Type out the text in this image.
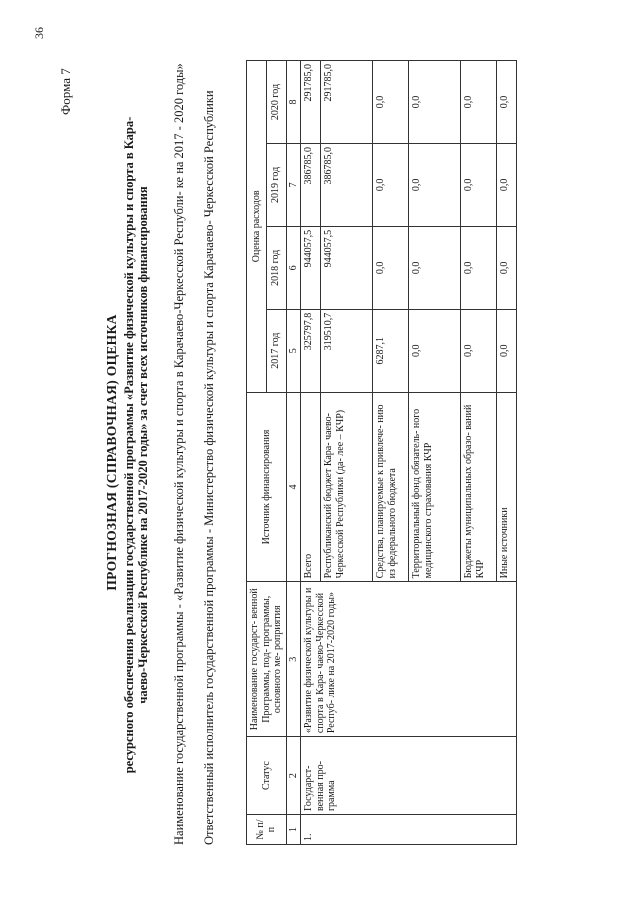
36
Форма 7
ПРОГНОЗНАЯ (СПРАВОЧНАЯ) ОЦЕНКА ресурсного обеспечения реализации государственной программы «Развитие физической культуры и спорта в Кара- чаево-Черкесской Республике на 2017-2020 годы» за счет всех источников финансирования Наименование государственной программы - «Развитие физической культуры и спорта в Карачаево-Черкесской Республи- ке на 2017 - 2020 годы» Ответственный исполнитель государственной программы - Министерство физической культуры и спорта Карачаево- Черкесской Республики	№ п/п	Статус	Наименование государст- венной Программы, под- программы, основного ме- роприятия	Источник финансирования	Оценка расходов			
				2017 год	2018 год	2019 год	2020 год
1	2	3	4	5	6	7	8
1.	Государст- венная про- грамма	«Развитие физической культуры и спорта в Кара- чаево-Черкесской Респуб- лике на 2017-2020 годы»	Всего	325797,8	944057,5	386785,0	291785,0
			Республиканский бюджет Кара- чаево-Черкесской Республики (да- лее – КЧР)	319510,7	944057,5	386785,0	291785,0
			Средства, планируемые к привлече- нию из федерального бюджета	6287,1	0,0	0,0	0,0
			Территориальный фонд обязатель- ного медицинского страхования КЧР	0,0	0,0	0,0	0,0
			Бюджеты муниципальных образо- ваний КЧР	0,0	0,0	0,0	0,0
			Иные источники	0,0	0,0	0,0	0,0
